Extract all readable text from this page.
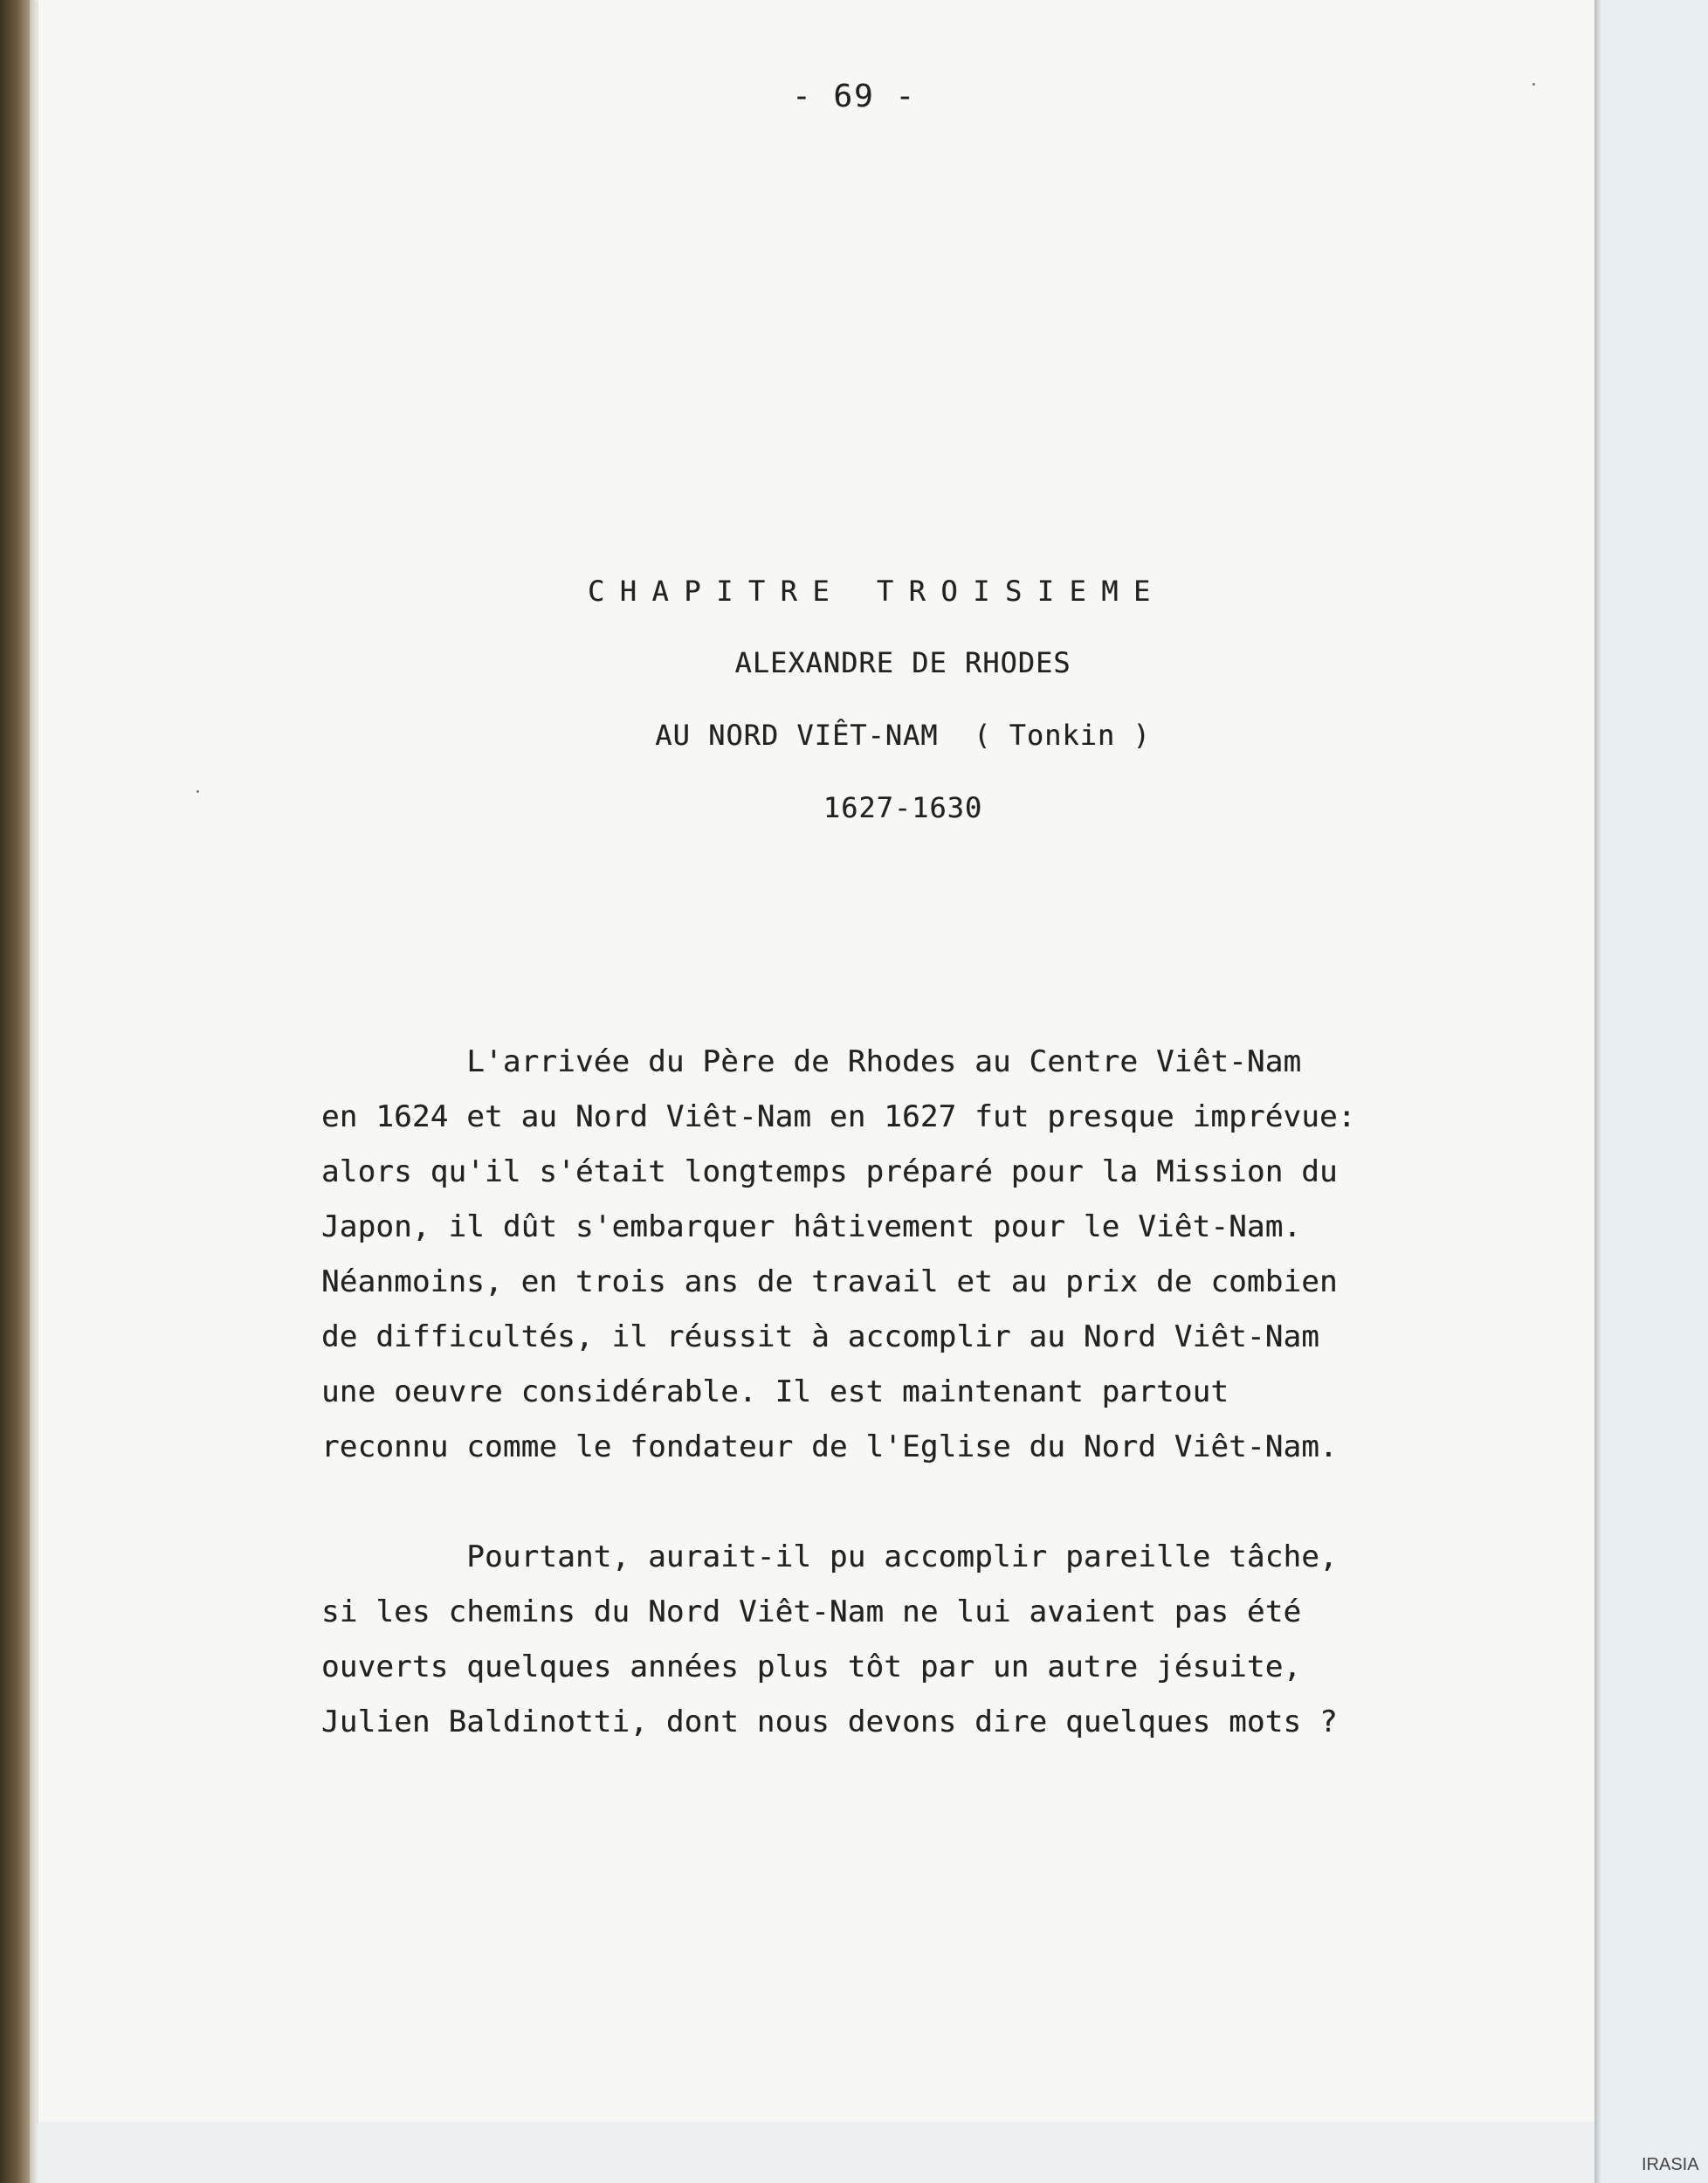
- 69 -
CHAPITRE TROISIEME
ALEXANDRE DE RHODES
AU NORD VIÊT-NAM  ( Tonkin )
1627-1630
L'arrivée du Père de Rhodes au Centre Viêt-Nam
en 1624 et au Nord Viêt-Nam en 1627 fut presque imprévue:
alors qu'il s'était longtemps préparé pour la Mission du
Japon, il dût s'embarquer hâtivement pour le Viêt-Nam.
Néanmoins, en trois ans de travail et au prix de combien
de difficultés, il réussit à accomplir au Nord Viêt-Nam
une oeuvre considérable. Il est maintenant partout
reconnu comme le fondateur de l'Eglise du Nord Viêt-Nam.
Pourtant, aurait-il pu accomplir pareille tâche,
si les chemins du Nord Viêt-Nam ne lui avaient pas été
ouverts quelques années plus tôt par un autre jésuite,
Julien Baldinotti, dont nous devons dire quelques mots ?
IRASIA
